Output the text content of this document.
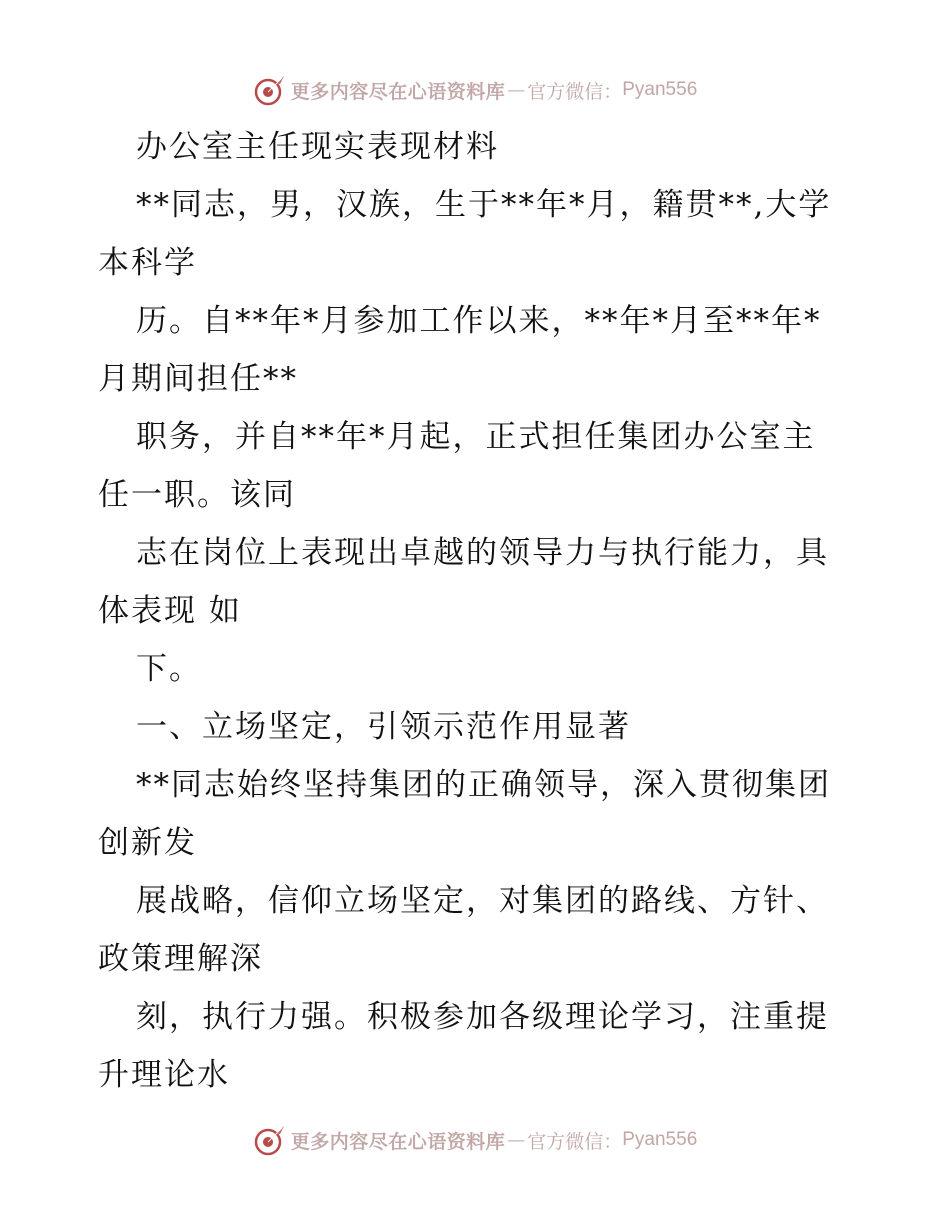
更多内容尽在心语资料库 — 官方微信： Pyan556
办公室主任现实表现材料
**同志，男，汉族，生于**年*月，籍贯**,大学
本科学
历。自**年*月参加工作以来，**年*月至**年*
月期间担任**
职务，并自**年*月起，正式担任集团办公室主
任一职。该同
志在岗位上表现出卓越的领导力与执行能力，具
体表现 如
下。
一、立场坚定，引领示范作用显著
**同志始终坚持集团的正确领导，深入贯彻集团
创新发
展战略，信仰立场坚定，对集团的路线、方针、
政策理解深
刻，执行力强。积极参加各级理论学习，注重提
升理论水
更多内容尽在心语资料库 — 官方微信： Pyan556
